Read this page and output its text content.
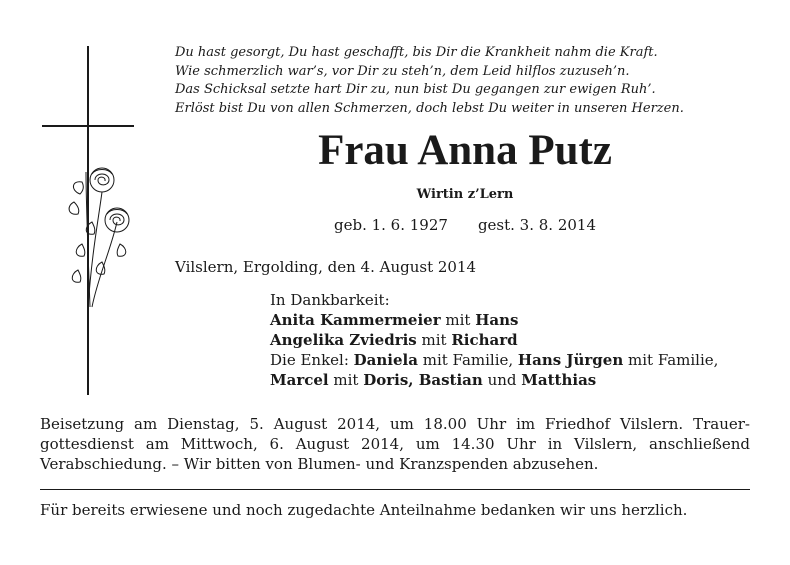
Du hast gesorgt, Du hast geschafft, bis Dir die Krankheit nahm die Kraft.
Wie schmerzlich war’s, vor Dir zu steh’n, dem Leid hilflos zuzuseh’n.
Das Schicksal setzte hart Dir zu, nun bist Du gegangen zur ewigen Ruh’.
Erlöst bist Du von allen Schmerzen, doch lebst Du weiter in unseren Herzen.
Frau Anna Putz
Wirtin z’Lern
geb. 1. 6. 1927 gest. 3. 8. 2014
Vilslern, Ergolding, den 4. August 2014
In Dankbarkeit:
Anita Kammermeier mit Hans
Angelika Zviedris mit Richard
Die Enkel: Daniela mit Familie, Hans Jürgen mit Familie,
Marcel mit Doris, Bastian und Matthias
Beisetzung am Dienstag, 5. August 2014, um 18.00 Uhr im Friedhof Vilslern. Trauer-
gottesdienst am Mittwoch, 6. August 2014, um 14.30 Uhr in Vilslern, anschließend
Verabschiedung. – Wir bitten von Blumen- und Kranzspenden abzusehen.
Für bereits erwiesene und noch zugedachte Anteilnahme bedanken wir uns herzlich.
